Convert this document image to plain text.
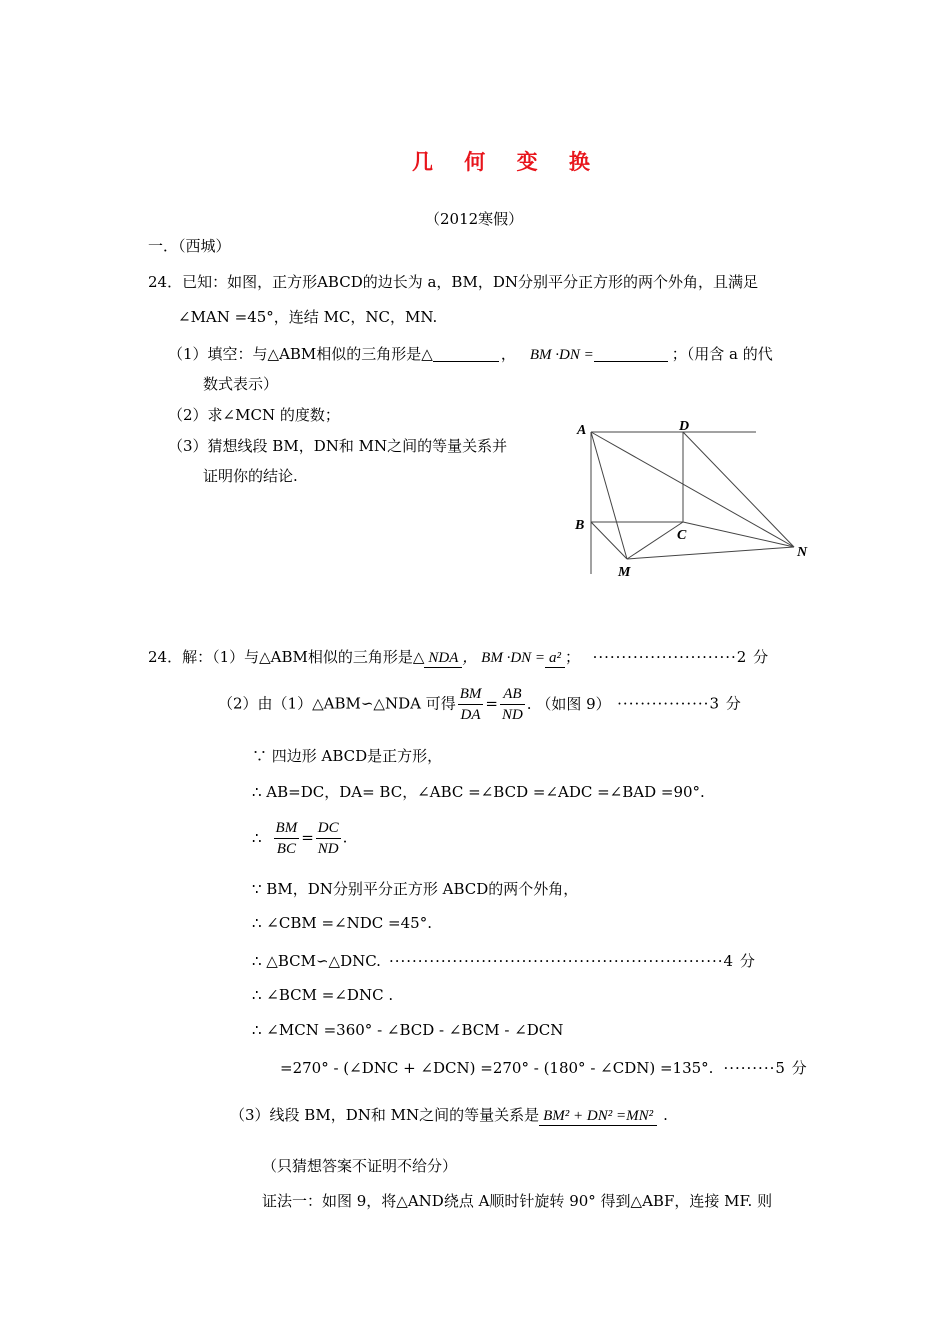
几 何 变 换
（2012寒假）
一．（西城）
24．已知：如图，正方形ABCD的边长为 a，BM，DN分别平分正方形的两个外角，且满足
∠MAN =45°，连结 MC，NC，MN.
（1）填空：与△ABM相似的三角形是△	， BM ·DN =	；（用含 a 的代
数式表示）
（2）求∠MCN 的度数；
（3）猜想线段 BM，DN和 MN之间的等量关系并
证明你的结论.
A	D
B
C
M
N
24．解：（1）与△ABM相似的三角形是△ NDA ， BM ·DN = a² ； ·························2 分
（2）由（1）△ABM∽△NDA 可得 $\frac{BM}{DA} = \frac{AB}{ND}$ . （如图 9） ················3 分
∵ 四边形 ABCD是正方形，
∴ AB=DC，DA= BC，∠ABC =∠BCD =∠ADC =∠BAD =90°.
∴ $\frac{BM}{BC} = \frac{DC}{ND}$ .
∵ BM，DN分别平分正方形 ABCD的两个外角，
∴ ∠CBM =∠NDC =45°.
∴ △BCM∽△DNC. ··························································4 分
∴ ∠BCM =∠DNC .
∴ ∠MCN =360° - ∠BCD - ∠BCM - ∠DCN
=270° - (∠DNC + ∠DCN) =270° - (180° - ∠CDN) =135°. ·········5 分
（3）线段 BM，DN和 MN之间的等量关系是 BM² + DN² =MN² .
（只猜想答案不证明不给分）
证法一：如图 9，将△AND绕点 A顺时针旋转 90° 得到△ABF，连接 MF. 则
